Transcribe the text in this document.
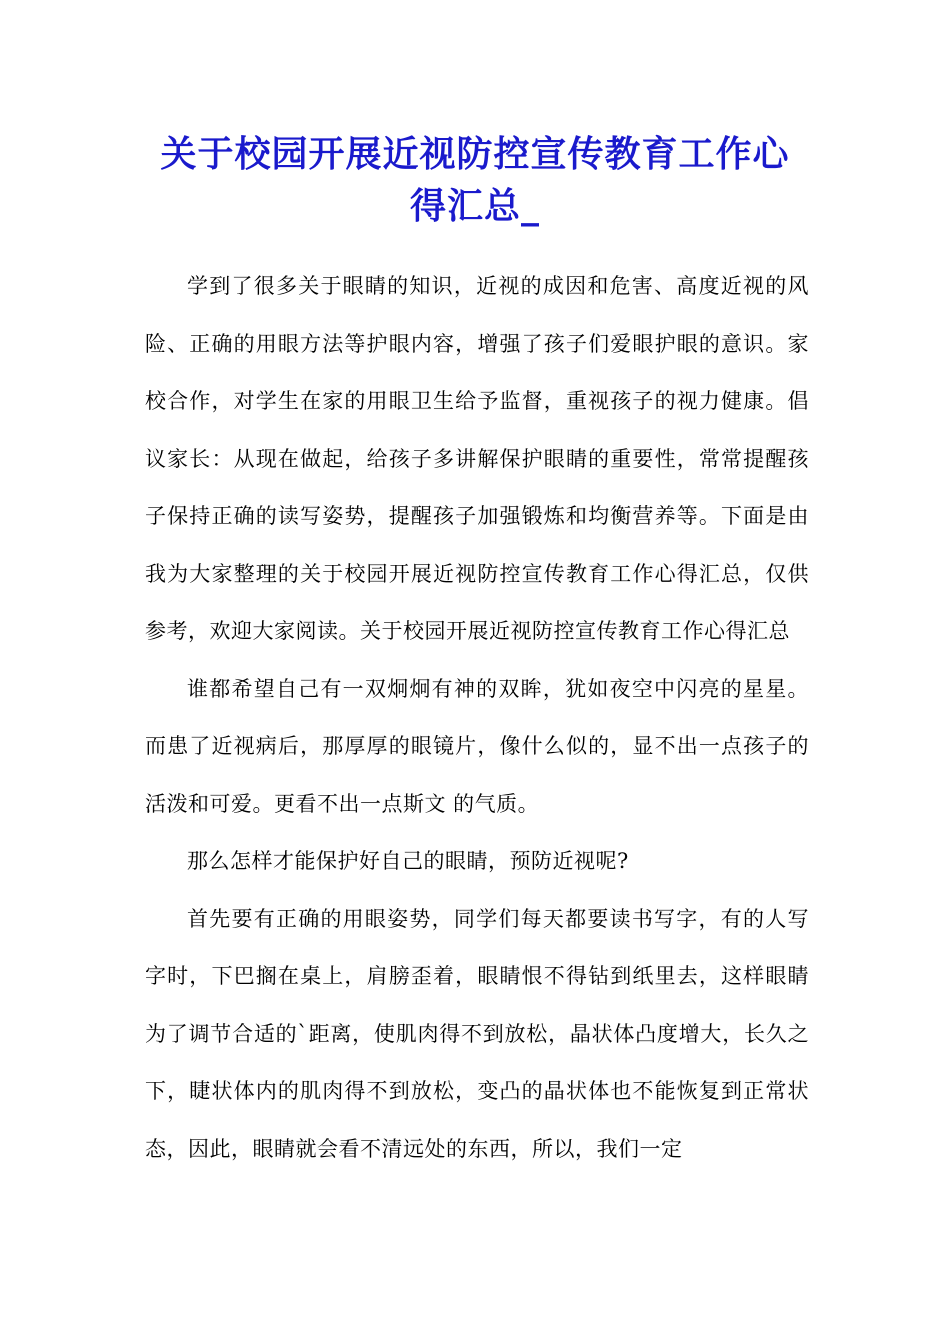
关于校园开展近视防控宣传教育工作心得汇总_

学到了很多关于眼睛的知识，近视的成因和危害、高度近视的风险、正确的用眼方法等护眼内容，增强了孩子们爱眼护眼的意识。家校合作，对学生在家的用眼卫生给予监督，重视孩子的视力健康。倡议家长：从现在做起，给孩子多讲解保护眼睛的重要性，常常提醒孩子保持正确的读写姿势，提醒孩子加强锻炼和均衡营养等。下面是由我为大家整理的关于校园开展近视防控宣传教育工作心得汇总，仅供参考，欢迎大家阅读。关于校园开展近视防控宣传教育工作心得汇总

谁都希望自己有一双炯炯有神的双眸，犹如夜空中闪亮的星星。而患了近视病后，那厚厚的眼镜片，像什么似的，显不出一点孩子的活泼和可爱。更看不出一点斯文 的气质。

那么怎样才能保护好自己的眼睛，预防近视呢?

首先要有正确的用眼姿势，同学们每天都要读书写字，有的人写字时，下巴搁在桌上，肩膀歪着，眼睛恨不得钻到纸里去，这样眼睛为了调节合适的`距离，使肌肉得不到放松，晶状体凸度增大，长久之下，睫状体内的肌肉得不到放松，变凸的晶状体也不能恢复到正常状态，因此，眼睛就会看不清远处的东西，所以，我们一定
